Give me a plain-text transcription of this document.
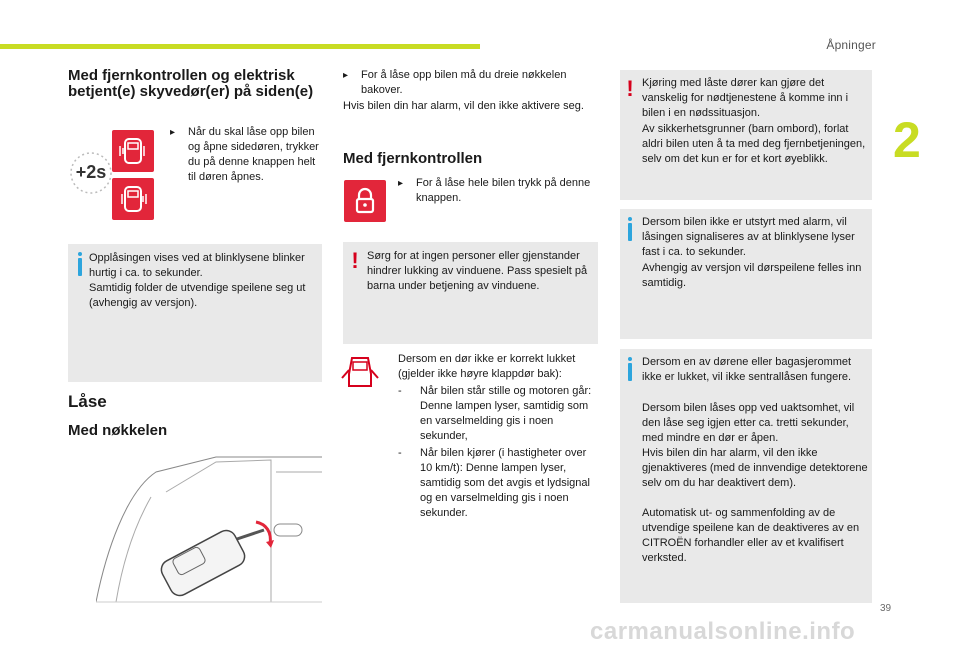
Åpninger
2
Med fjernkontrollen og elektrisk betjent(e) skyvedør(er) på siden(e)
+2s
▸	Når du skal låse opp bilen og åpne sidedøren, trykker du på denne knappen helt til døren åpnes.
Opplåsingen vises ved at blinklysene blinker hurtig i ca. to sekunder.
Samtidig folder de utvendige speilene seg ut (avhengig av versjon).
Låse
Med nøkkelen
▸	For å låse opp bilen må du dreie nøkkelen bakover.
Hvis bilen din har alarm, vil den ikke aktivere seg.
Med fjernkontrollen
▸	For å låse hele bilen trykk på denne knappen.
! Sørg for at ingen personer eller gjenstander hindrer lukking av vinduene. Pass spesielt på barna under betjening av vinduene.
Dersom en dør ikke er korrekt lukket (gjelder ikke høyre klappdør bak):
-	Når bilen står stille og motoren går: Denne lampen lyser, samtidig som en varselmelding gis i noen sekunder,
-	Når bilen kjører (i hastigheter over 10 km/t): Denne lampen lyser, samtidig som det avgis et lydsignal og en varselmelding gis i noen sekunder.
! Kjøring med låste dører kan gjøre det vanskelig for nødtjenestene å komme inn i bilen i en nødssituasjon.
Av sikkerhetsgrunner (barn ombord), forlat aldri bilen uten å ta med deg fjernbetjeningen, selv om det kun er for et kort øyeblikk.
Dersom bilen ikke er utstyrt med alarm, vil låsingen signaliseres av at blinklysene lyser fast i ca. to sekunder.
Avhengig av versjon vil dørspeilene felles inn samtidig.
Dersom en av dørene eller bagasjerommet ikke er lukket, vil ikke sentrallåsen fungere.
Dersom bilen låses opp ved uaktsomhet, vil den låse seg igjen etter ca. tretti sekunder, med mindre en dør er åpen.
Hvis bilen din har alarm, vil den ikke gjenaktiveres (med de innvendige detektorene selv om du har deaktivert dem).
Automatisk ut- og sammenfolding av de utvendige speilene kan de deaktiveres av en CITROËN forhandler eller av et kvalifisert verksted.
39
carmanualsonline.info
